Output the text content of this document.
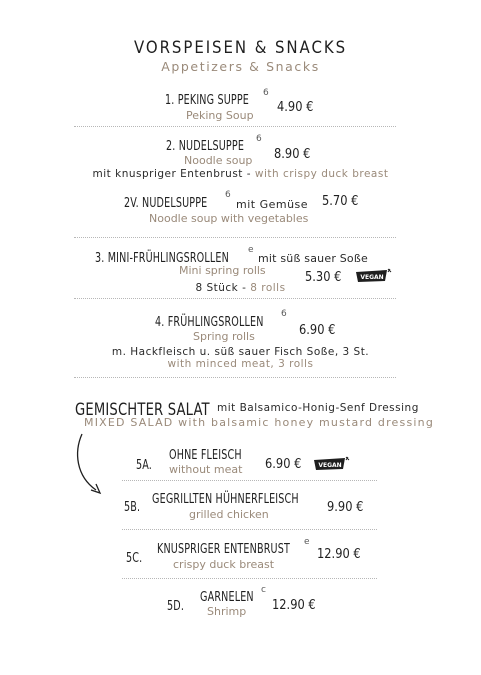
VORSPEISEN & SNACKS
Appetizers & Snacks
1. PEKING SUPPE 6
4.90 €
Peking Soup
2. NUDELSUPPE 6
8.90 €
Noodle soup
mit knuspriger Entenbrust - with crispy duck breast
2V. NUDELSUPPE
6
mit Gemüse 5.70 €
Noodle soup with vegetables
3. MINI-FRÜHLINGSROLLEN
e
mit süß sauer Soße
Mini spring rolls	5.30 €	VEGAN
8 Stück - 8 rolls
4. FRÜHLINGSROLLEN
6
6.90 €
Spring rolls
m. Hackfleisch u. süß sauer Fisch Soße, 3 St.
with minced meat, 3 rolls
GEMISCHTER SALAT mit Balsamico-Honig-Senf Dressing
MIXED SALAD with balsamic honey mustard dressing
5A.
OHNE FLEISCH
without meat 6.90 €	VEGAN
5B.
GEGRILLTEN HÜHNERFLEISCH
grilled chicken	9.90 €
5C.
KNUSPRIGER ENTENBRUST e
crispy duck breast
12.90 €
5D.
GARNELEN c
Shrimp 12.90 €
